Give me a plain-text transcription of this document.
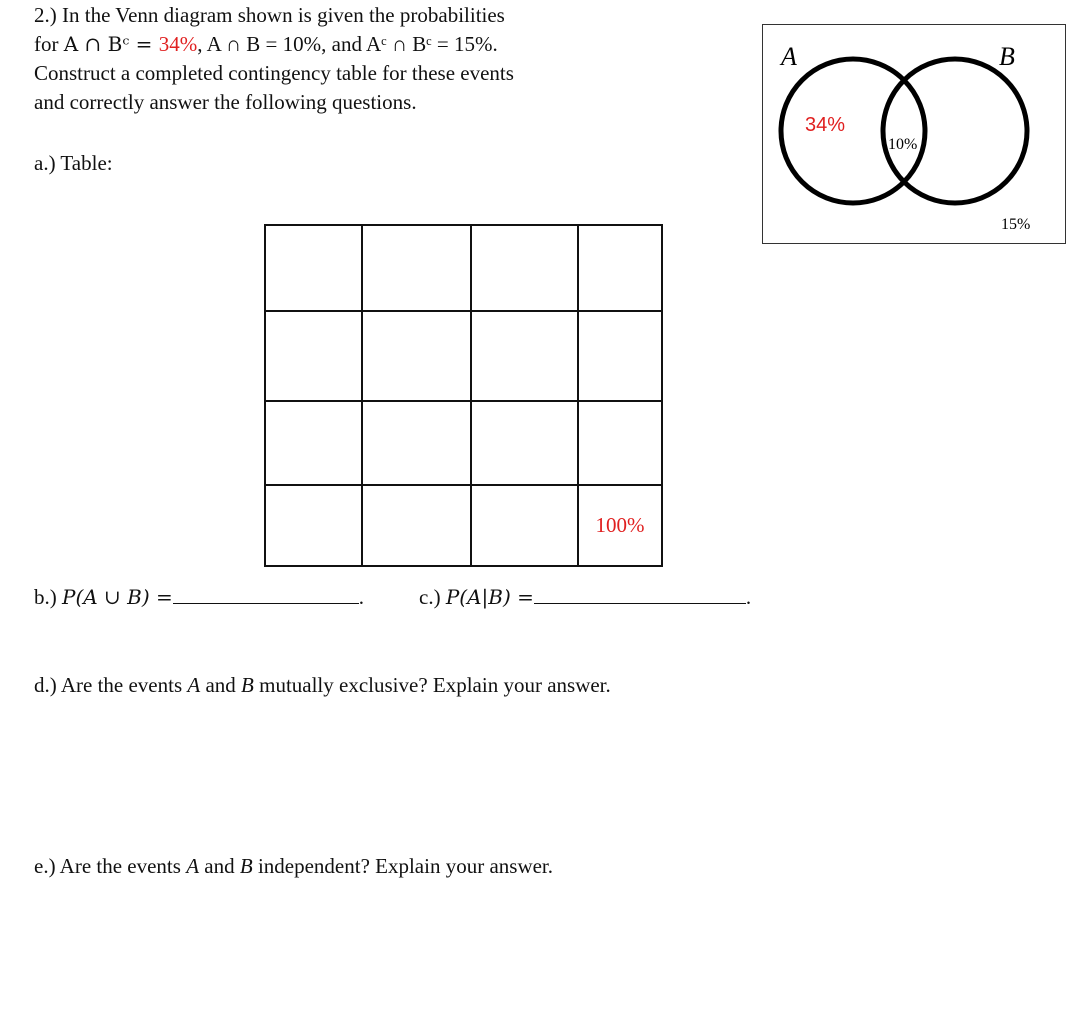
2.) In the Venn diagram shown is given the probabilities
for A ∩ Bᶜ = 34%, A ∩ B = 10%, and Aᶜ ∩ Bᶜ = 15%.
Construct a completed contingency table for these events
and correctly answer the following questions.
A	B
34%
10%
15%
a.) Table:

			100%
b.) P(A ∪ B) =	.	c.) P(A|B) =	.
d.) Are the events A and B mutually exclusive? Explain your answer.
e.) Are the events A and B independent? Explain your answer.
